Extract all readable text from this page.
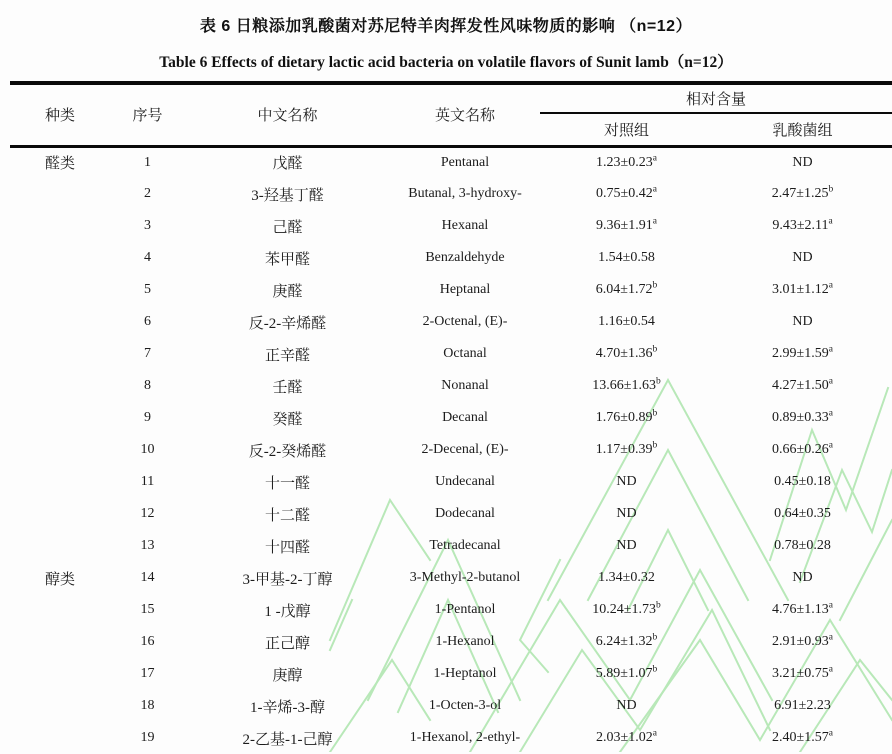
表 6 日粮添加乳酸菌对苏尼特羊肉挥发性风味物质的影响 （n=12）
Table 6 Effects of dietary lactic acid bacteria on volatile flavors of Sunit lamb（n=12）
种类	序号	中文名称	英文名称	相对含量	
				对照组	乳酸菌组
醛类	1	戊醛	Pentanal	1.23±0.23$^a$	ND
	2	3-羟基丁醛	Butanal, 3-hydroxy-	0.75±0.42$^a$	2.47±1.25$^b$
	3	己醛	Hexanal	9.36±1.91$^a$	9.43±2.11$^a$
	4	苯甲醛	Benzaldehyde	1.54±0.58	ND
	5	庚醛	Heptanal	6.04±1.72$^b$	3.01±1.12$^a$
	6	反-2-辛烯醛	2-Octenal, (E)-	1.16±0.54	ND
	7	正辛醛	Octanal	4.70±1.36$^b$	2.99±1.59$^a$
	8	壬醛	Nonanal	13.66±1.63$^b$	4.27±1.50$^a$
	9	癸醛	Decanal	1.76±0.89$^b$	0.89±0.33$^a$
	10	反-2-癸烯醛	2-Decenal, (E)-	1.17±0.39$^b$	0.66±0.26$^a$
	11	十一醛	Undecanal	ND	0.45±0.18
	12	十二醛	Dodecanal	ND	0.64±0.35
	13	十四醛	Tetradecanal	ND	0.78±0.28
醇类	14	3-甲基-2-丁醇	3-Methyl-2-butanol	1.34±0.32	ND
	15	1 -戊醇	1-Pentanol	10.24±1.73$^b$	4.76±1.13$^a$
	16	正己醇	1-Hexanol	6.24±1.32$^b$	2.91±0.93$^a$
	17	庚醇	1-Heptanol	5.89±1.07$^b$	3.21±0.75$^a$
	18	1-辛烯-3-醇	1-Octen-3-ol	ND	6.91±2.23
	19	2-乙基-1-己醇	1-Hexanol, 2-ethyl-	2.03±1.02$^a$	2.40±1.57$^a$
